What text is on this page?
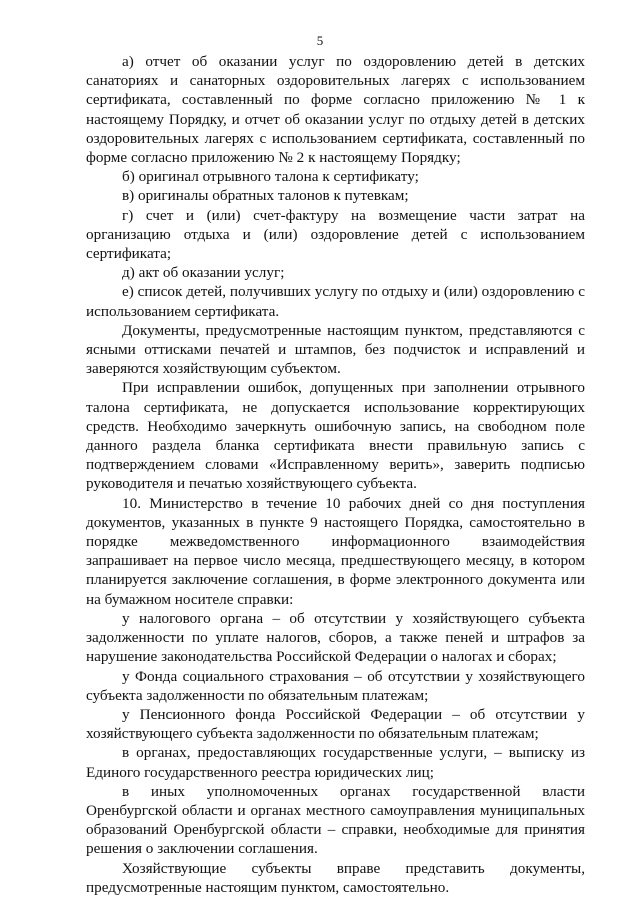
5

а) отчет об оказании услуг по оздоровлению детей в детских санаториях и санаторных оздоровительных лагерях с использованием сертификата, составленный по форме согласно приложению № 1 к настоящему Порядку, и отчет об оказании услуг по отдыху детей в детских оздоровительных лагерях с использованием сертификата, составленный по форме согласно приложению № 2 к настоящему Порядку;

б) оригинал отрывного талона к сертификату;

в) оригиналы обратных талонов к путевкам;

г) счет и (или) счет-фактуру на возмещение части затрат на организацию отдыха и (или) оздоровление детей с использованием сертификата;

д) акт об оказании услуг;

е) список детей, получивших услугу по отдыху и (или) оздоровлению с использованием сертификата.

Документы, предусмотренные настоящим пунктом, представляются с ясными оттисками печатей и штампов, без подчисток и исправлений и заверяются хозяйствующим субъектом.

При исправлении ошибок, допущенных при заполнении отрывного талона сертификата, не допускается использование корректирующих средств. Необходимо зачеркнуть ошибочную запись, на свободном поле данного раздела бланка сертификата внести правильную запись с подтверждением словами «Исправленному верить», заверить подписью руководителя и печатью хозяйствующего субъекта.

10. Министерство в течение 10 рабочих дней со дня поступления документов, указанных в пункте 9 настоящего Порядка, самостоятельно в порядке межведомственного информационного взаимодействия запрашивает на первое число месяца, предшествующего месяцу, в котором планируется заключение соглашения, в форме электронного документа или на бумажном носителе справки:

у налогового органа – об отсутствии у хозяйствующего субъекта задолженности по уплате налогов, сборов, а также пеней и штрафов за нарушение законодательства Российской Федерации о налогах и сборах;

у Фонда социального страхования – об отсутствии у хозяйствующего субъекта задолженности по обязательным платежам;

у Пенсионного фонда Российской Федерации – об отсутствии у хозяйствующего субъекта задолженности по обязательным платежам;

в органах, предоставляющих государственные услуги, – выписку из Единого государственного реестра юридических лиц;

в иных уполномоченных органах государственной власти Оренбургской области и органах местного самоуправления муниципальных образований Оренбургской области – справки, необходимые для принятия решения о заключении соглашения.

Хозяйствующие субъекты вправе представить документы, предусмотренные настоящим пунктом, самостоятельно.
